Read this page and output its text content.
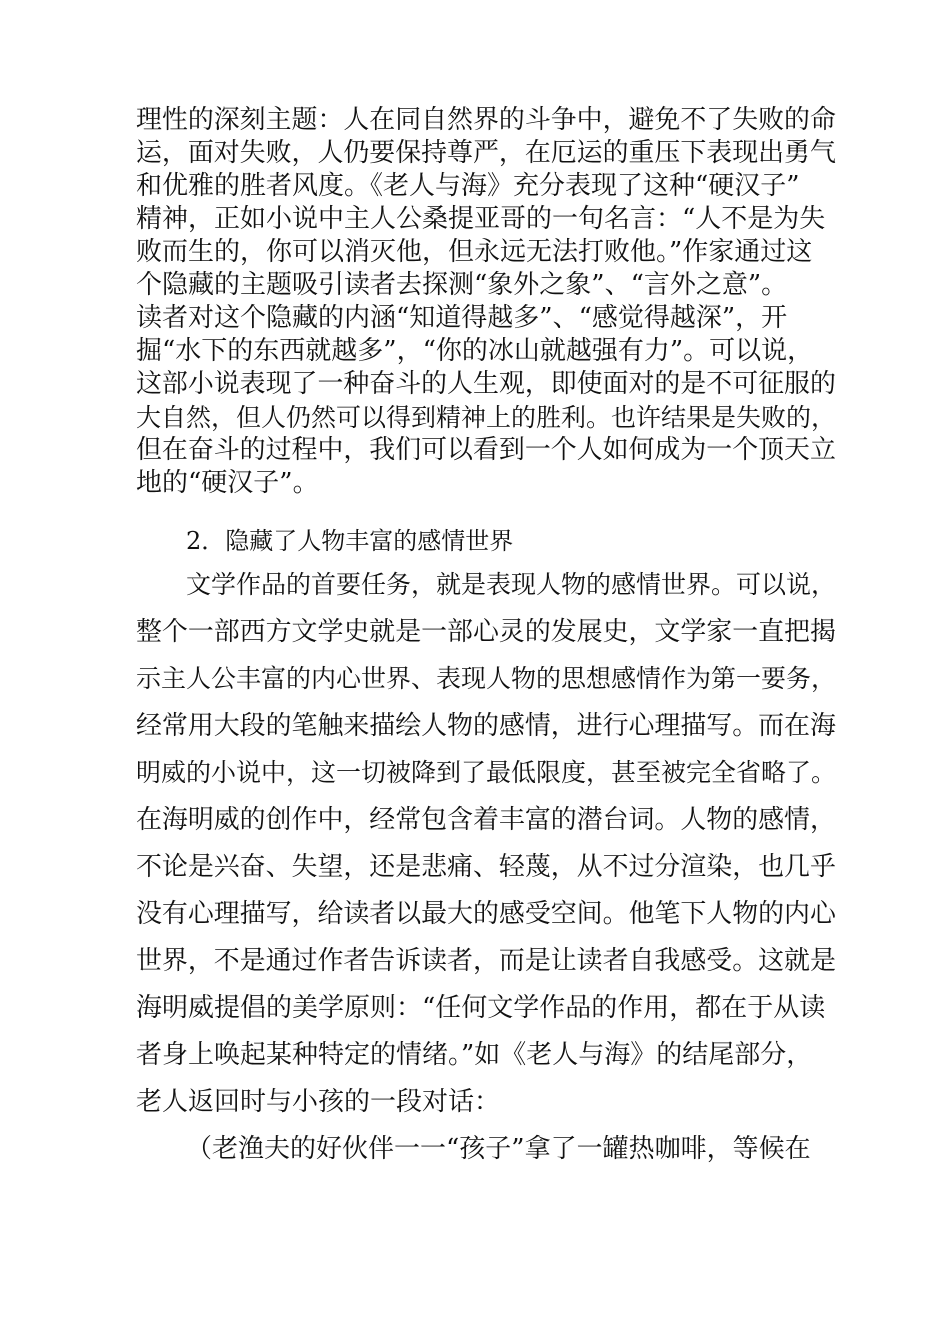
理性的深刻主题：人在同自然界的斗争中，避免不了失败的命
运，面对失败，人仍要保持尊严，在厄运的重压下表现出勇气
和优雅的胜者风度。《老人与海》充分表现了这种“硬汉子”
精神，正如小说中主人公桑提亚哥的一句名言：“人不是为失
败而生的，你可以消灭他，但永远无法打败他。”作家通过这
个隐藏的主题吸引读者去探测“象外之象”、“言外之意”。
读者对这个隐藏的内涵“知道得越多”、“感觉得越深”，开
掘“水下的东西就越多”，“你的冰山就越强有力”。可以说，
这部小说表现了一种奋斗的人生观，即使面对的是不可征服的
大自然，但人仍然可以得到精神上的胜利。也许结果是失败的，
但在奋斗的过程中，我们可以看到一个人如何成为一个顶天立
地的“硬汉子”。
2．隐藏了人物丰富的感情世界
文学作品的首要任务，就是表现人物的感情世界。可以说，
整个一部西方文学史就是一部心灵的发展史，文学家一直把揭
示主人公丰富的内心世界、表现人物的思想感情作为第一要务，
经常用大段的笔触来描绘人物的感情，进行心理描写。而在海
明威的小说中，这一切被降到了最低限度，甚至被完全省略了。
在海明威的创作中，经常包含着丰富的潜台词。人物的感情，
不论是兴奋、失望，还是悲痛、轻蔑，从不过分渲染，也几乎
没有心理描写，给读者以最大的感受空间。他笔下人物的内心
世界，不是通过作者告诉读者，而是让读者自我感受。这就是
海明威提倡的美学原则：“任何文学作品的作用，都在于从读
者身上唤起某种特定的情绪。”如《老人与海》的结尾部分，
老人返回时与小孩的一段对话：
（老渔夫的好伙伴一一“孩子”拿了一罐热咖啡，等候在
